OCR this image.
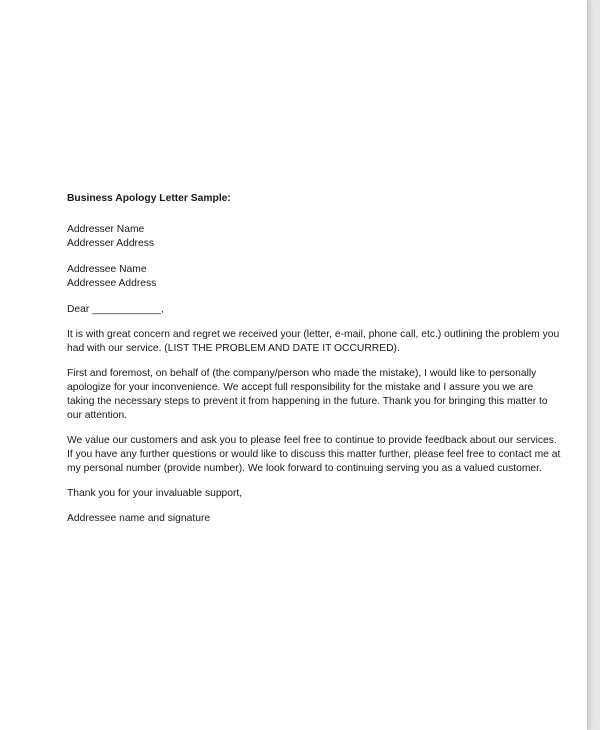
Business Apology Letter Sample:

Addresser Name
Addresser Address
Addressee Name
Addressee Address
Dear ____________,
It is with great concern and regret we received your (letter, e-mail, phone call, etc.) outlining the problem you
had with our service. (LIST THE PROBLEM AND DATE IT OCCURRED).
First and foremost, on behalf of (the company/person who made the mistake), I would like to personally
apologize for your inconvenience. We accept full responsibility for the mistake and I assure you we are
taking the necessary steps to prevent it from happening in the future. Thank you for bringing this matter to
our attention.
We value our customers and ask you to please feel free to continue to provide feedback about our services.
If you have any further questions or would like to discuss this matter further, please feel free to contact me at
my personal number (provide number). We look forward to continuing serving you as a valued customer.
Thank you for your invaluable support,
Addressee name and signature
